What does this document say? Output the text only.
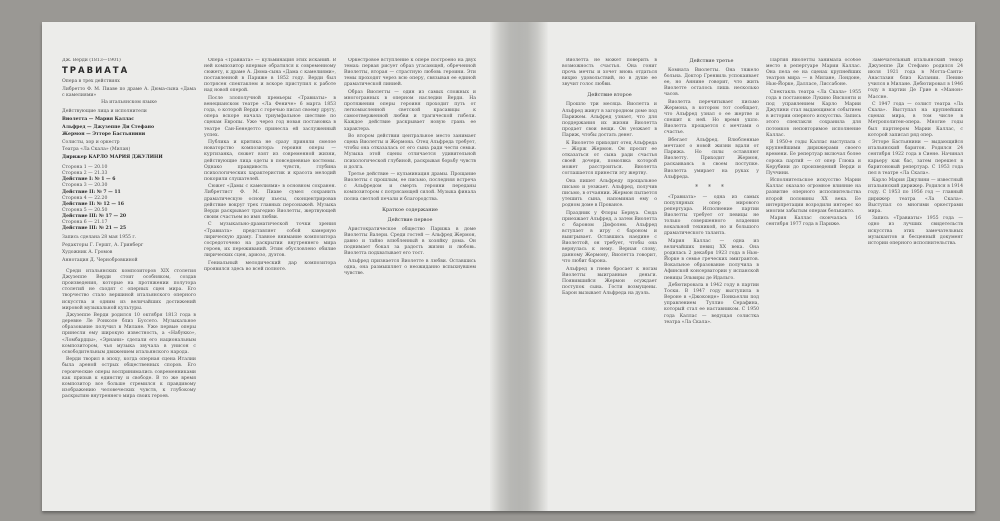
Дж. Верди (1813—1901)

ТРАВИАТА

Опера в трех действиях

Либретто Ф. М. Пиаве по драме А. Дюма-сына «Дама с камелиями»

На итальянском языке

Действующие лица и исполнители

Виолетта — Мария Каллас

Альфред — Джузеппе Ди Стефано

Жермон — Этторе Бастьянини

Солисты, хор и оркестр

Театра «Ла Скала» (Милан)

Дирижер КАРЛО МАРИЯ ДЖУЛИНИ

Сторона 1 — 20.10
Сторона 2 — 21.33
Действие I: № 1 — 6
Сторона 3 — 20.30
Действие II: № 7 — 11
Сторона 4 — 22.20
Действие II: № 12 — 16
Сторона 5 — 20.50
Действие III: № 17 — 20
Сторона 6 — 21.17
Действие III: № 21 — 25

Запись сделана 28 мая 1955 г.

Редакторы Г. Гершт, А. Гринберг

Художник А. Громов

Аннотация Д. Чернобровкиной

Среди итальянских композиторов XIX столетия Джузеппе Верди стоит особняком, создав произведения, которые на протяжении полутора столетий не сходят с оперных сцен мира. Его творчество стало вершиной итальянского оперного искусства и одним из величайших достижений мировой музыкальной культуры.

Джузеппе Верди родился 10 октября 1813 года в деревне Ле Ронколе близ Буссето. Музыкальное образование получил в Милане. Уже первые оперы принесли ему широкую известность, а «Набукко», «Ломбардцы», «Эрнани» сделали его национальным композитором, чья музыка звучала в унисон с освободительным движением итальянского народа.

Верди творил в эпоху, когда оперная сцена Италии была ареной острых общественных споров. Его героические оперы воспринимались современниками как призыв к единству и свободе. В то же время композитор все больше стремился к правдивому изображению человеческих чувств, к глубокому раскрытию внутреннего мира своих героев.

Опера «Травиата» — кульминация этих исканий. В ней композитор впервые обратился к современному сюжету, к драме А. Дюма-сына «Дама с камелиями», поставленной в Париже в 1852 году. Верди был потрясен спектаклем и вскоре приступил к работе над новой оперой.

После злополучной премьеры «Травиаты» в венецианском театре «Ла Фениче» 6 марта 1853 года, о которой Верди с горечью писал своему другу, опера вскоре начала триумфальное шествие по сценам Европы. Уже через год новая постановка в театре Сан-Бенедетто принесла ей заслуженный успех.

Публика и критика не сразу приняли смелое новаторство композитора: героиня оперы — куртизанка, сюжет взят из современной жизни, действующие лица одеты в повседневные костюмы. Однако правдивость чувств, глубина психологических характеристик и красота мелодий покорили слушателей.

Сюжет «Дамы с камелиями» в основном сохранен. Либреттист Ф. М. Пиаве сумел сохранить драматическую основу пьесы, сконцентрировав действие вокруг трех главных персонажей. Музыка Верди раскрывает трагедию Виолетты, жертвующей своим счастьем во имя любви.

С музыкально-драматической точки зрения «Травиата» представляет собой камерную лирическую драму. Главное внимание композитора сосредоточено на раскрытии внутреннего мира героев, их переживаний. Этим обусловлено обилие лирических сцен, ариозо, дуэтов.

Гениальный мелодический дар композитора проявился здесь во всей полноте.

Оркестровое вступление к опере построено на двух темах: первая рисует образ угасающей, обреченной Виолетты, вторая — страстную любовь героини. Эти темы проходят через всю оперу, связывая ее единой драматической линией.

Образ Виолетты — один из самых сложных и многогранных в оперном наследии Верди. На протяжении оперы героиня проходит путь от легкомысленной светской красавицы к самоотверженной любви и трагической гибели. Каждое действие раскрывает новую грань ее характера.

Во втором действии центральное место занимает сцена Виолетты и Жермона. Отец Альфреда требует, чтобы она отказалась от его сына ради чести семьи. Музыка этой сцены отличается удивительной психологической глубиной, раскрывая борьбу чувств и долга.

Третье действие — кульминация драмы. Прощание Виолетты с прошлым, ее письмо, последняя встреча с Альфредом и смерть героини переданы композитором с потрясающей силой. Музыка финала полна светлой печали и благородства.

Краткое содержание
Действие первое

Аристократическое общество Парижа в доме Виолетты Валери. Среди гостей — Альфред Жермон, давно и тайно влюбленный в хозяйку дома. Он поднимает бокал за радость жизни и любовь. Виолетта подхватывает его тост.

Альфред признается Виолетте в любви. Оставшись одна, она размышляет о неожиданно вспыхнувшем чувстве.

Виолетта не может поверить в возможность счастья. Она гонит прочь мечты и хочет вновь отдаться вихрю удовольствий, но в душе ее звучит голос любви.

Действие второе

Прошло три месяца. Виолетта и Альфред живут в загородном доме под Парижем. Альфред узнает, что для поддержания их жизни Виолетта продает свои вещи. Он уезжает в Париж, чтобы достать денег.

К Виолетте приходит отец Альфреда — Жорж Жермон. Он просит ее отказаться от сына ради счастья своей дочери, помолвка которой может расстроиться. Виолетта соглашается принести эту жертву.

Она пишет Альфреду прощальное письмо и уезжает. Альфред, получив письмо, в отчаянии. Жермон пытается утешить сына, напоминая ему о родном доме в Провансе.

Праздник у Флоры Бервуа. Сюда приезжает Альфред, а затем Виолетта с бароном Дюфолем. Альфред вступает в игру с бароном и выигрывает. Оставшись наедине с Виолеттой, он требует, чтобы она вернулась к нему. Верная слову, данному Жермону, Виолетта говорит, что любит барона.

Альфред в гневе бросает к ногам Виолетты выигранные деньги. Появившийся Жермон осуждает поступок сына. Гости возмущены. Барон вызывает Альфреда на дуэль.

Действие третье

Комната Виолетты. Она тяжело больна. Доктор Гренвиль успокаивает ее, но Аннине говорит, что жить Виолетте осталось лишь несколько часов.

Виолетта перечитывает письмо Жермона, в котором тот сообщает, что Альфред узнал о ее жертве и спешит к ней. Но время ушло. Виолетта прощается с мечтами о счастье.

Вбегает Альфред. Влюбленные мечтают о новой жизни вдали от Парижа. Но силы оставляют Виолетту. Приходит Жермон, раскаиваясь в своем поступке. Виолетта умирает на руках у Альфреда.

* * *

«Травиата» — одна из самых популярных опер мирового репертуара. Исполнение партии Виолетты требует от певицы не только совершенного владения вокальной техникой, но и большого драматического таланта.

Мария Каллас — одна из величайших певиц XX века. Она родилась 2 декабря 1923 года в Нью-Йорке в семье греческих эмигрантов. Вокальное образование получила в Афинской консерватории у испанской певицы Эльвиры де Идальго.

Дебютировала в 1942 году в партии Тоски. В 1947 году выступила в Вероне в «Джоконде» Понкьелли под управлением Туллио Серафина, который стал ее наставником. С 1950 года Каллас — ведущая солистка театра «Ла Скала».

Партия Виолетты занимала особое место в репертуаре Марии Каллас. Она пела ее на сценах крупнейших театров мира — в Милане, Лондоне, Нью-Йорке, Далласе, Лиссабоне.

Спектакль театра «Ла Скала» 1955 года в постановке Лукино Висконти и под управлением Карло Марии Джулини стал выдающимся событием в истории оперного искусства. Запись этого спектакля сохранила для потомков неповторимое исполнение Каллас.

В 1950-е годы Каллас выступала с крупнейшими дирижерами своего времени. Ее репертуар включал более сорока партий — от опер Глюка и Керубини до произведений Верди и Пуччини.

Исполнительское искусство Марии Каллас оказало огромное влияние на развитие оперного исполнительства второй половины XX века. Ее интерпретации возродили интерес ко многим забытым операм бельканто.

Мария Каллас скончалась 16 сентября 1977 года в Париже.

Замечательный итальянский тенор Джузеппе Ди Стефано родился 24 июля 1921 года в Мотта-Санта-Анастазия близ Катании. Пению учился в Милане. Дебютировал в 1946 году в партии Де Грие в «Манон» Массне.

С 1947 года — солист театра «Ла Скала». Выступал на крупнейших сценах мира, в том числе в Метрополитен-опера. Многие годы был партнером Марии Каллас, с которой записал ряд опер.

Этторе Бастьянини — выдающийся итальянский баритон. Родился 24 сентября 1922 года в Сиене. Начинал карьеру как бас, затем перешел в баритоновый репертуар. С 1953 года пел в театре «Ла Скала».

Карло Мария Джулини — известный итальянский дирижер. Родился в 1914 году. С 1953 по 1956 год — главный дирижер театра «Ла Скала». Выступал со многими оркестрами мира.

Запись «Травиаты» 1955 года — одно из лучших свидетельств искусства этих замечательных музыкантов и бесценный документ истории оперного исполнительства.
